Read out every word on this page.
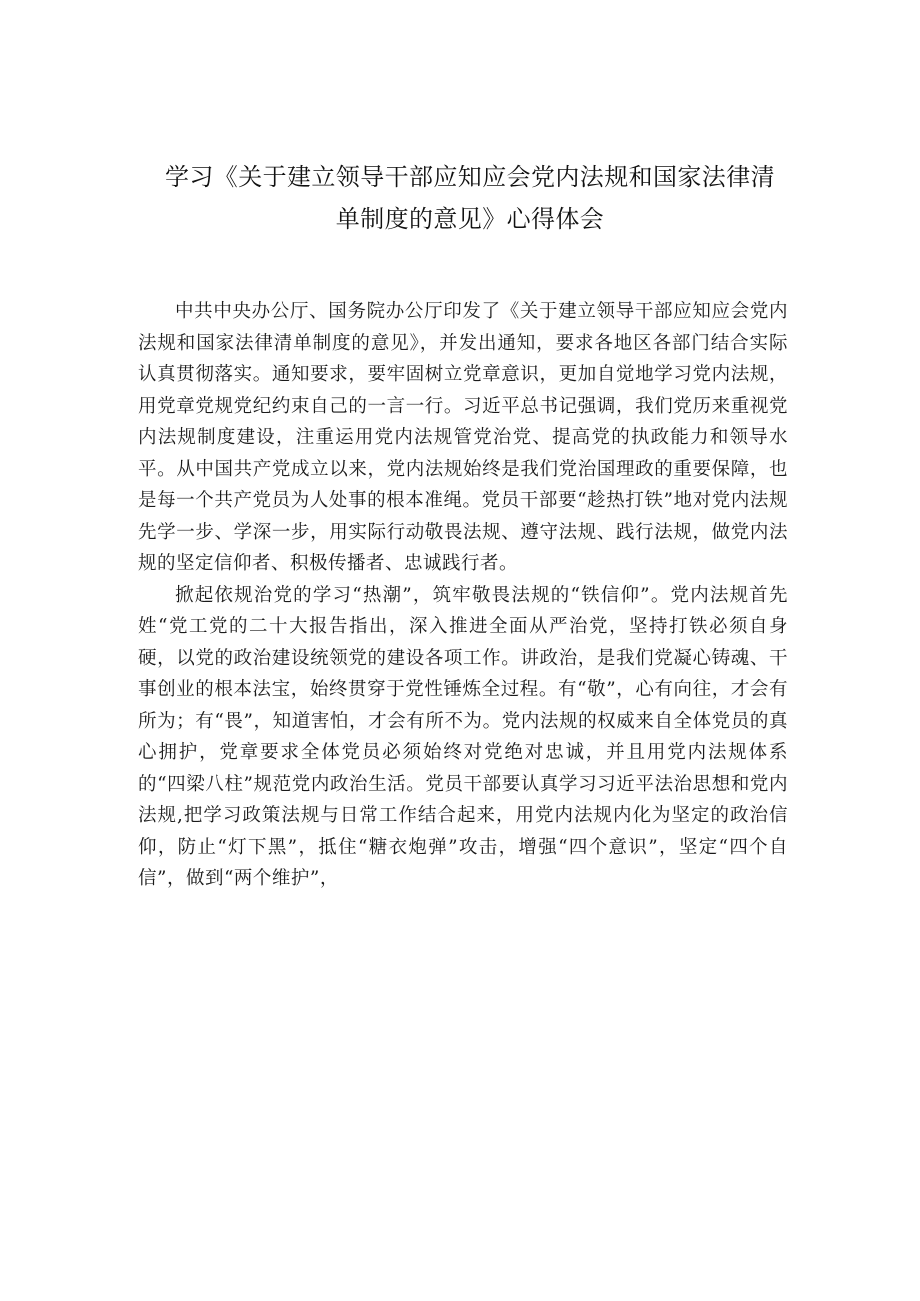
学习《关于建立领导干部应知应会党内法规和国家法律清
单制度的意见》心得体会

中共中央办公厅、国务院办公厅印发了《关于建立领导干部应知应会党内法规和国家法律清单制度的意见》，并发出通知，要求各地区各部门结合实际认真贯彻落实。通知要求，要牢固树立党章意识，更加自觉地学习党内法规，用党章党规党纪约束自己的一言一行。习近平总书记强调，我们党历来重视党内法规制度建设，注重运用党内法规管党治党、提高党的执政能力和领导水平。从中国共产党成立以来，党内法规始终是我们党治国理政的重要保障，也是每一个共产党员为人处事的根本准绳。党员干部要“趁热打铁”地对党内法规先学一步、学深一步，用实际行动敬畏法规、遵守法规、践行法规，做党内法规的坚定信仰者、积极传播者、忠诚践行者。

掀起依规治党的学习“热潮”，筑牢敬畏法规的“铁信仰”。党内法规首先姓“党工党的二十大报告指出，深入推进全面从严治党，坚持打铁必须自身硬，以党的政治建设统领党的建设各项工作。讲政治，是我们党凝心铸魂、干事创业的根本法宝，始终贯穿于党性锤炼全过程。有“敬”，心有向往，才会有所为；有“畏”，知道害怕，才会有所不为。党内法规的权威来自全体党员的真心拥护，党章要求全体党员必须始终对党绝对忠诚，并且用党内法规体系的“四梁八柱”规范党内政治生活。党员干部要认真学习习近平法治思想和党内法规,把学习政策法规与日常工作结合起来，用党内法规内化为坚定的政治信仰，防止“灯下黑”，抵住“糖衣炮弹”攻击，增强“四个意识”，坚定“四个自信”，做到“两个维护”，
